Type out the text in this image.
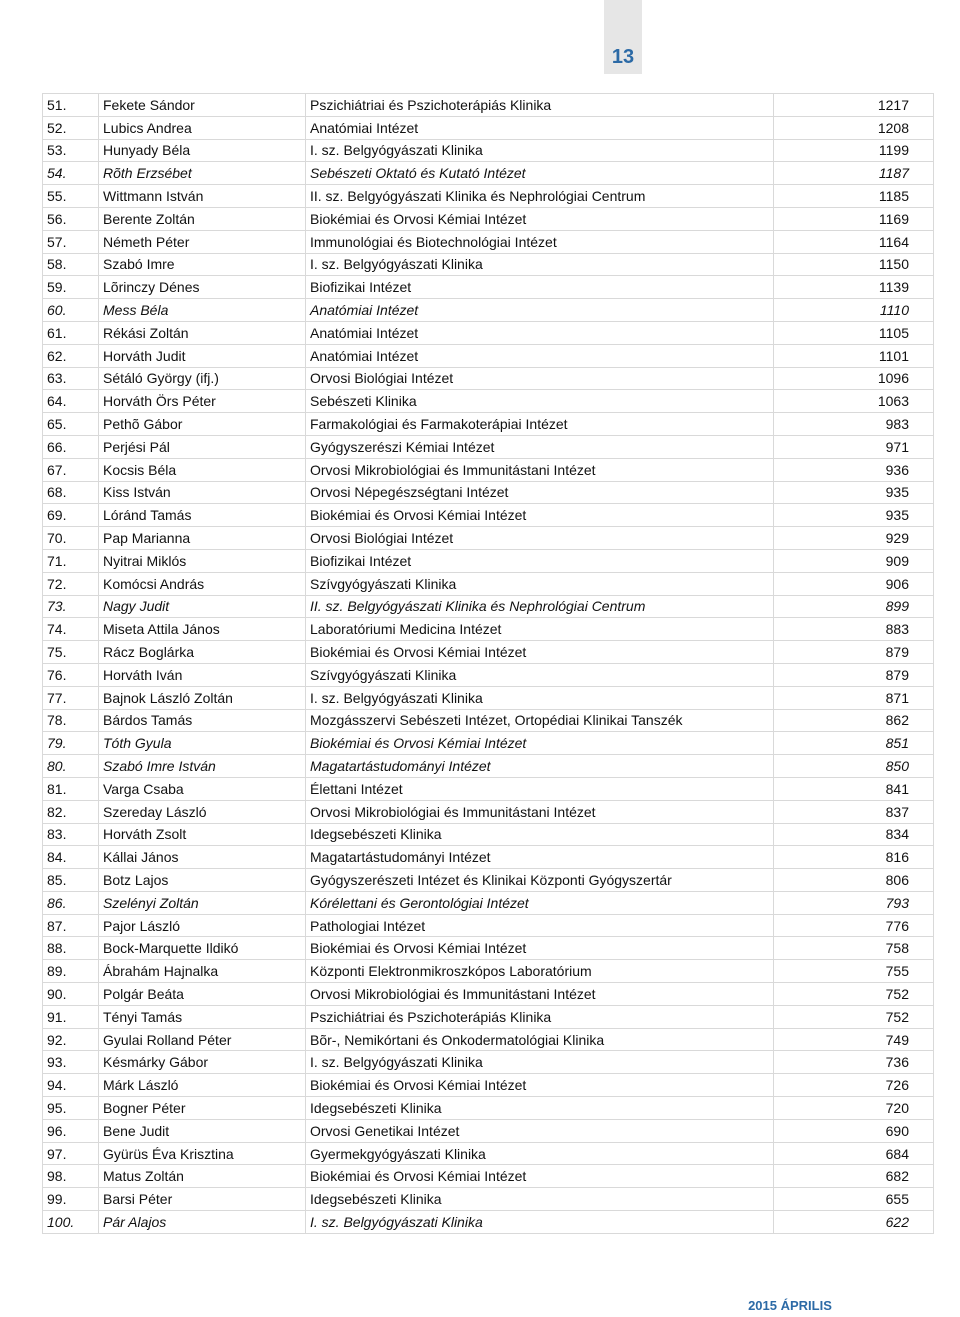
13
51.	Fekete Sándor	Pszichiátriai és Pszichoterápiás Klinika	1217	
52.	Lubics Andrea	Anatómiai Intézet	1208	
53.	Hunyady Béla	I. sz. Belgyógyászati Klinika	1199	
54.	Rõth Erzsébet	Sebészeti Oktató és Kutató Intézet	1187	
55.	Wittmann István	II. sz. Belgyógyászati Klinika és Nephrológiai Centrum	1185	
56.	Berente Zoltán	Biokémiai és Orvosi Kémiai Intézet	1169	
57.	Németh Péter	Immunológiai és Biotechnológiai Intézet	1164	
58.	Szabó Imre	I. sz. Belgyógyászati Klinika	1150	
59.	Lõrinczy Dénes	Biofizikai Intézet	1139	
60.	Mess Béla	Anatómiai Intézet	1110	
61.	Rékási Zoltán	Anatómiai Intézet	1105	
62.	Horváth Judit	Anatómiai Intézet	1101	
63.	Sétáló György (ifj.)	Orvosi Biológiai Intézet	1096	
64.	Horváth Örs Péter	Sebészeti Klinika	1063	
65.	Pethõ Gábor	Farmakológiai és Farmakoterápiai Intézet	983	
66.	Perjési Pál	Gyógyszerészi Kémiai Intézet	971	
67.	Kocsis Béla	Orvosi Mikrobiológiai és Immunitástani Intézet	936	
68.	Kiss István	Orvosi Népegészségtani Intézet	935	
69.	Lóránd Tamás	Biokémiai és Orvosi Kémiai Intézet	935	
70.	Pap Marianna	Orvosi Biológiai Intézet	929	
71.	Nyitrai Miklós	Biofizikai Intézet	909	
72.	Komócsi András	Szívgyógyászati Klinika	906	
73.	Nagy Judit	II. sz. Belgyógyászati Klinika és Nephrológiai Centrum	899	
74.	Miseta Attila János	Laboratóriumi Medicina Intézet	883	
75.	Rácz Boglárka	Biokémiai és Orvosi Kémiai Intézet	879	
76.	Horváth Iván	Szívgyógyászati Klinika	879	
77.	Bajnok László Zoltán	I. sz. Belgyógyászati Klinika	871	
78.	Bárdos Tamás	Mozgásszervi Sebészeti Intézet, Ortopédiai Klinikai Tanszék	862	
79.	Tóth Gyula	Biokémiai és Orvosi Kémiai Intézet	851	
80.	Szabó Imre István	Magatartástudományi Intézet	850	
81.	Varga Csaba	Élettani Intézet	841	
82.	Szereday László	Orvosi Mikrobiológiai és Immunitástani Intézet	837	
83.	Horváth Zsolt	Idegsebészeti Klinika	834	
84.	Kállai János	Magatartástudományi Intézet	816	
85.	Botz Lajos	Gyógyszerészeti Intézet és Klinikai Központi Gyógyszertár	806	
86.	Szelényi Zoltán	Kórélettani és Gerontológiai Intézet	793	
87.	Pajor László	Pathologiai Intézet	776	
88.	Bock-Marquette Ildikó	Biokémiai és Orvosi Kémiai Intézet	758	
89.	Ábrahám Hajnalka	Központi Elektronmikroszkópos Laboratórium	755	
90.	Polgár Beáta	Orvosi Mikrobiológiai és Immunitástani Intézet	752	
91.	Tényi Tamás	Pszichiátriai és Pszichoterápiás Klinika	752	
92.	Gyulai Rolland Péter	Bõr-, Nemikórtani és Onkodermatológiai Klinika	749	
93.	Késmárky Gábor	I. sz. Belgyógyászati Klinika	736	
94.	Márk László	Biokémiai és Orvosi Kémiai Intézet	726	
95.	Bogner Péter	Idegsebészeti Klinika	720	
96.	Bene Judit	Orvosi Genetikai Intézet	690	
97.	Gyürüs Éva Krisztina	Gyermekgyógyászati Klinika	684	
98.	Matus Zoltán	Biokémiai és Orvosi Kémiai Intézet	682	
99.	Barsi Péter	Idegsebészeti Klinika	655	
100.	Pár Alajos	I. sz. Belgyógyászati Klinika	622	
2015 ÁPRILIS
